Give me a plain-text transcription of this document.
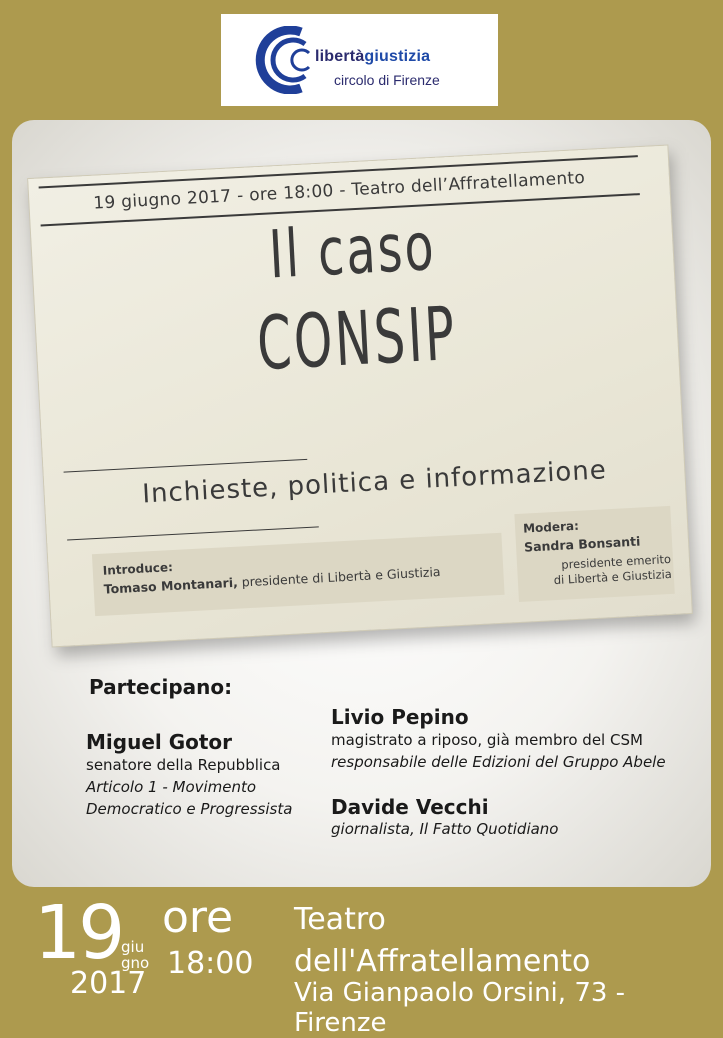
libertàgiustizia
circolo di Firenze
19 giugno 2017 - ore 18:00 - Teatro dell’Affratellamento
Il caso
CONSIP
Inchieste, politica e informazione
Introduce:
Tomaso Montanari, presidente di Libertà e Giustizia
Modera:
Sandra Bonsanti
presidente emerito
di Libertà e Giustizia
Partecipano:
Miguel Gotor
senatore della Repubblica
Articolo 1 - Movimento
Democratico e Progressista
Livio Pepino
magistrato a riposo, già membro del CSM
responsabile delle Edizioni del Gruppo Abele
Davide Vecchi
giornalista, Il Fatto Quotidiano
19
giu
gno
2017
ore
18:00
Teatro
dell'Affratellamento
Via Gianpaolo Orsini, 73 - Firenze
